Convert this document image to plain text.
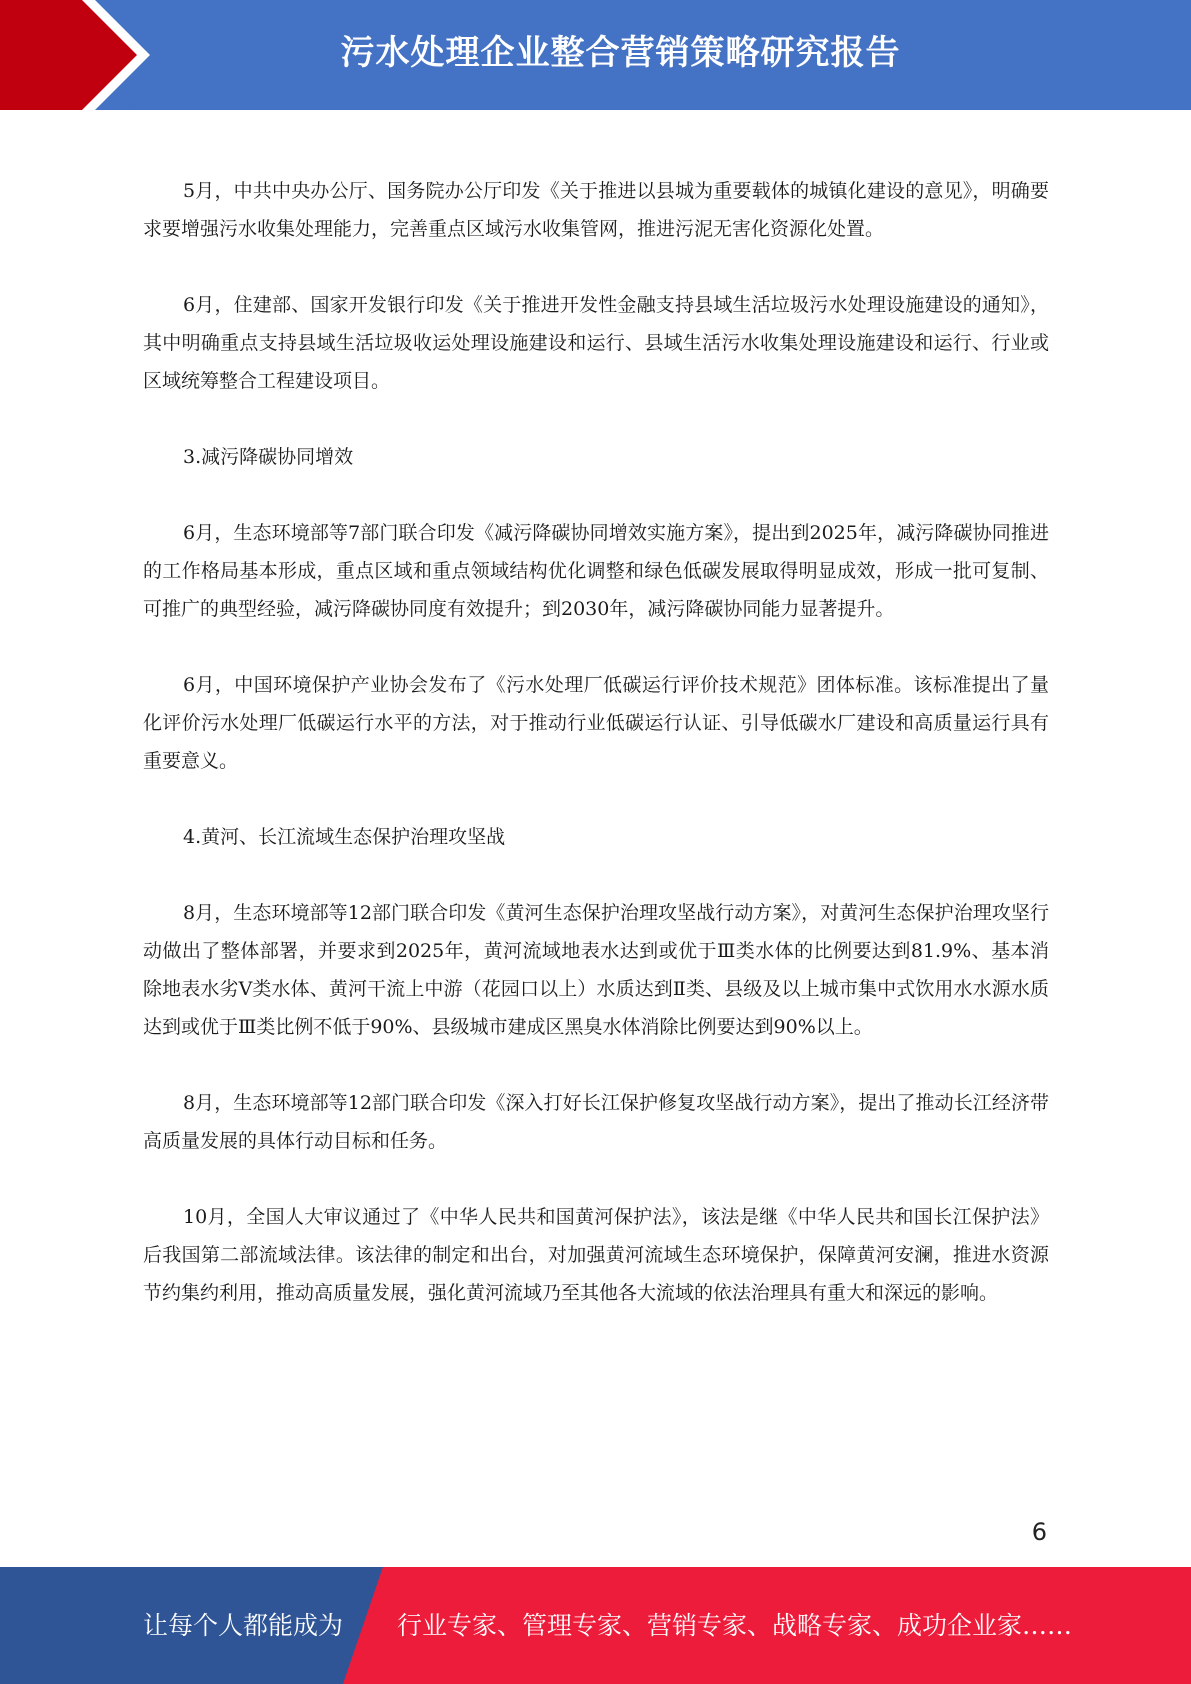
污水处理企业整合营销策略研究报告

5月，中共中央办公厅、国务院办公厅印发《关于推进以县城为重要载体的城镇化建设的意见》，明确要求要增强污水收集处理能力，完善重点区域污水收集管网，推进污泥无害化资源化处置。

6月，住建部、国家开发银行印发《关于推进开发性金融支持县域生活垃圾污水处理设施建设的通知》，其中明确重点支持县域生活垃圾收运处理设施建设和运行、县域生活污水收集处理设施建设和运行、行业或区域统筹整合工程建设项目。

3.减污降碳协同增效

6月，生态环境部等7部门联合印发《减污降碳协同增效实施方案》，提出到2025年，减污降碳协同推进的工作格局基本形成，重点区域和重点领域结构优化调整和绿色低碳发展取得明显成效，形成一批可复制、可推广的典型经验，减污降碳协同度有效提升；到2030年，减污降碳协同能力显著提升。

6月，中国环境保护产业协会发布了《污水处理厂低碳运行评价技术规范》团体标准。该标准提出了量化评价污水处理厂低碳运行水平的方法，对于推动行业低碳运行认证、引导低碳水厂建设和高质量运行具有重要意义。

4.黄河、长江流域生态保护治理攻坚战

8月，生态环境部等12部门联合印发《黄河生态保护治理攻坚战行动方案》，对黄河生态保护治理攻坚行动做出了整体部署，并要求到2025年，黄河流域地表水达到或优于Ⅲ类水体的比例要达到81.9%、基本消除地表水劣Ⅴ类水体、黄河干流上中游（花园口以上）水质达到Ⅱ类、县级及以上城市集中式饮用水水源水质达到或优于Ⅲ类比例不低于90%、县级城市建成区黑臭水体消除比例要达到90%以上。

8月，生态环境部等12部门联合印发《深入打好长江保护修复攻坚战行动方案》，提出了推动长江经济带高质量发展的具体行动目标和任务。

10月，全国人大审议通过了《中华人民共和国黄河保护法》，该法是继《中华人民共和国长江保护法》后我国第二部流域法律。该法律的制定和出台，对加强黄河流域生态环境保护，保障黄河安澜，推进水资源节约集约利用，推动高质量发展，强化黄河流域乃至其他各大流域的依法治理具有重大和深远的影响。

6
让每个人都能成为 行业专家、管理专家、营销专家、战略专家、成功企业家……
